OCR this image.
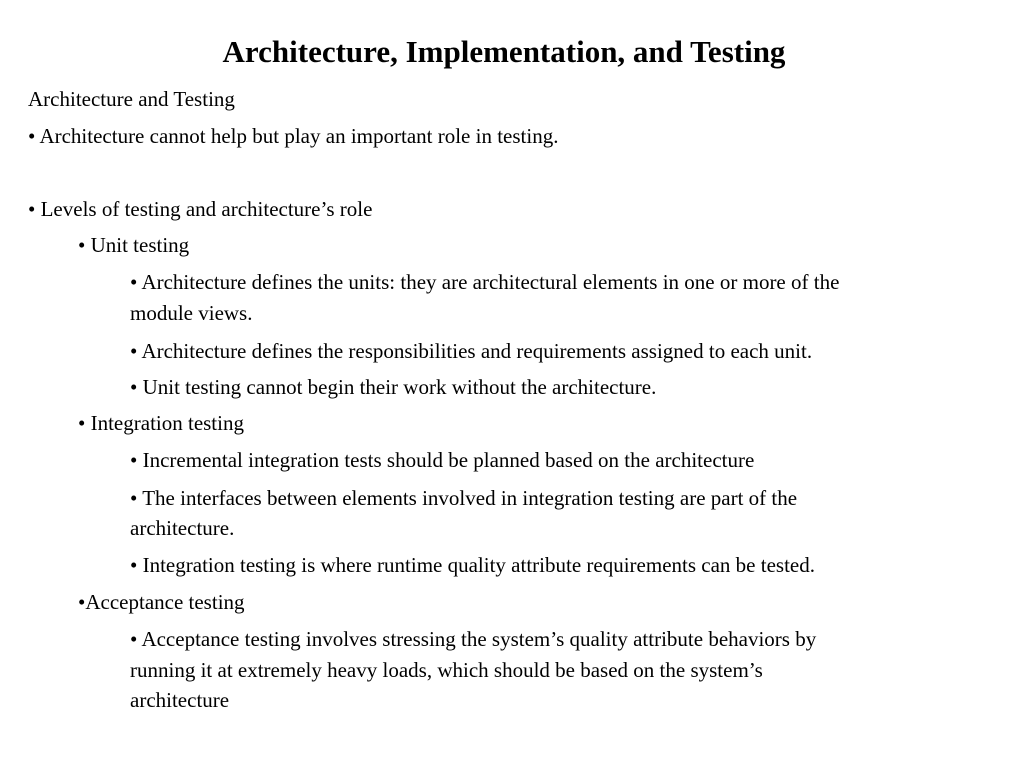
Architecture, Implementation, and Testing
Architecture and Testing
• Architecture cannot help but play an important role in testing.
• Levels of testing and architecture’s role
• Unit testing
• Architecture defines the units: they are architectural elements in one or more of the
module views.
• Architecture defines the responsibilities and requirements assigned to each unit.
• Unit testing cannot begin their work without the architecture.
• Integration testing
• Incremental integration tests should be planned based on the architecture
• The interfaces between elements involved in integration testing are part of the
architecture.
• Integration testing is where runtime quality attribute requirements can be tested.
•Acceptance testing
• Acceptance testing involves stressing the system’s quality attribute behaviors by
running it at extremely heavy loads, which should be based on the system’s
architecture
